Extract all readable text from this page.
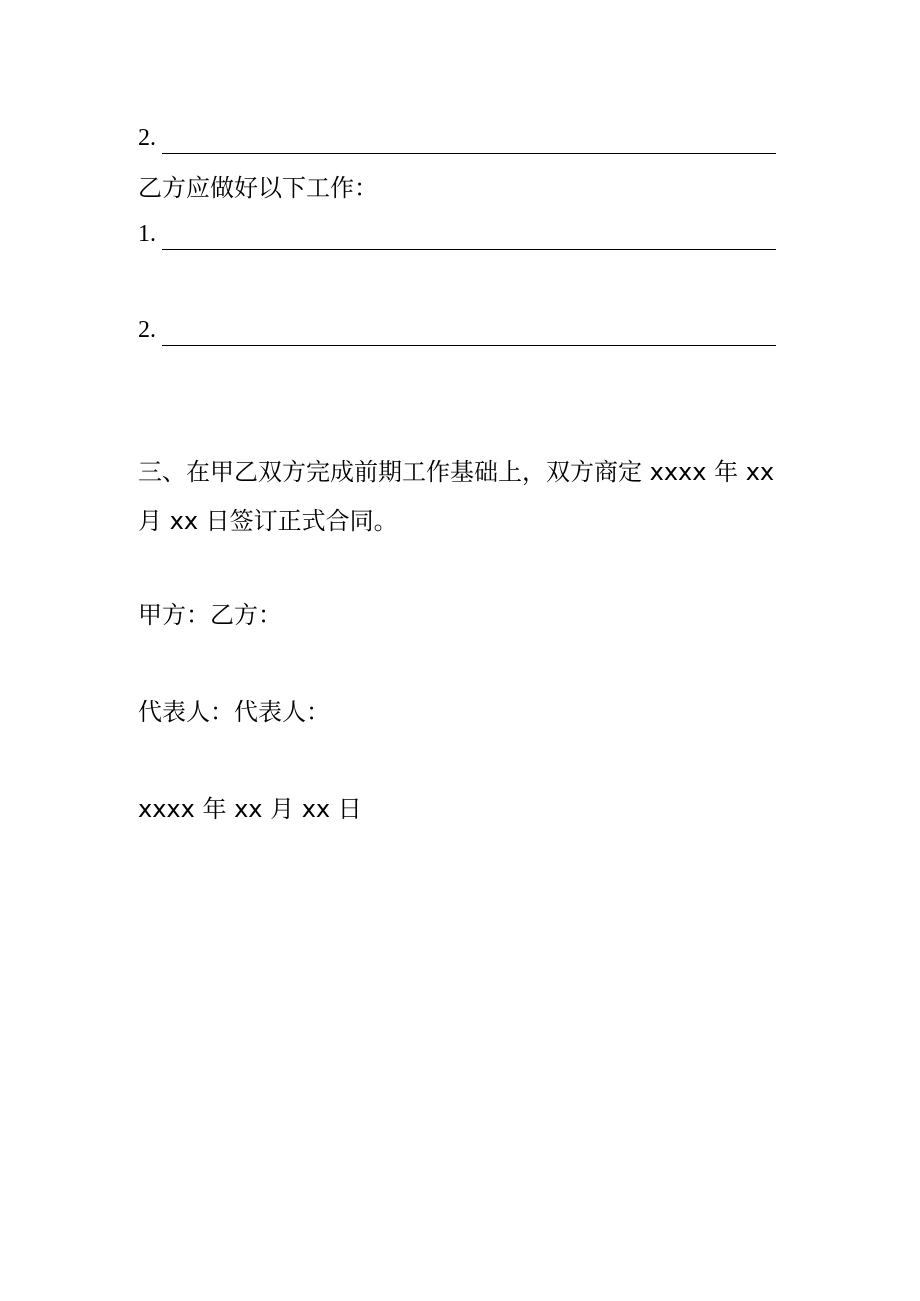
2.
乙方应做好以下工作：
1.
2.
三、在甲乙双方完成前期工作基础上，双方商定 xxxx 年 xx
月 xx 日签订正式合同。
甲方：乙方：
代表人：代表人：
xxxx 年 xx 月 xx 日
